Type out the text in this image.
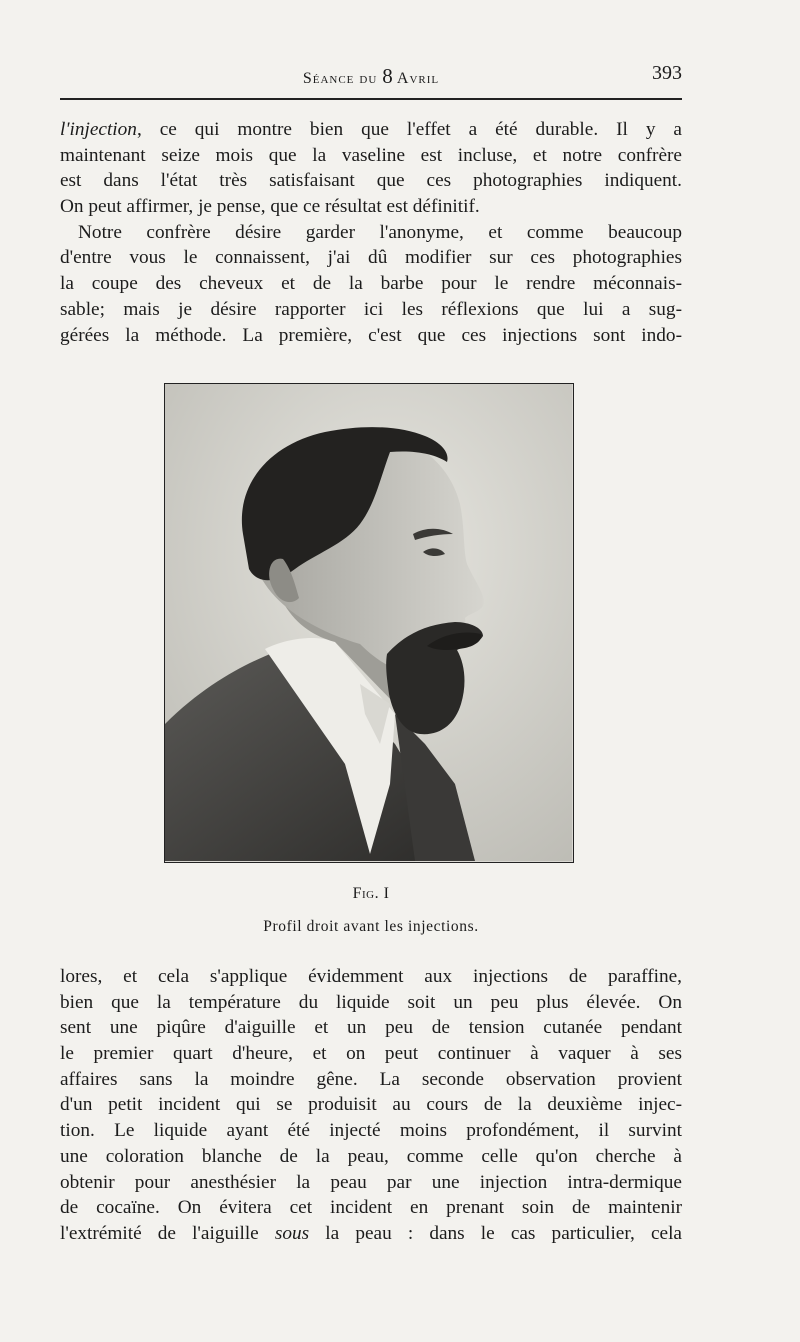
Séance du 8 Avril	393
l'injection, ce qui montre bien que l'effet a été durable. Il y a
maintenant seize mois que la vaseline est incluse, et notre confrère
est dans l'état très satisfaisant que ces photographies indiquent.
On peut affirmer, je pense, que ce résultat est définitif.
Notre confrère désire garder l'anonyme, et comme beaucoup
d'entre vous le connaissent, j'ai dû modifier sur ces photographies
la coupe des cheveux et de la barbe pour le rendre méconnais-
sable; mais je désire rapporter ici les réflexions que lui a sug-
gérées la méthode. La première, c'est que ces injections sont indo-
Fig. I
Profil droit avant les injections.
lores, et cela s'applique évidemment aux injections de paraffine,
bien que la température du liquide soit un peu plus élevée. On
sent une piqûre d'aiguille et un peu de tension cutanée pendant
le premier quart d'heure, et on peut continuer à vaquer à ses
affaires sans la moindre gêne. La seconde observation provient
d'un petit incident qui se produisit au cours de la deuxième injec-
tion. Le liquide ayant été injecté moins profondément, il survint
une coloration blanche de la peau, comme celle qu'on cherche à
obtenir pour anesthésier la peau par une injection intra-dermique
de cocaïne. On évitera cet incident en prenant soin de maintenir
l'extrémité de l'aiguille sous la peau : dans le cas particulier, cela
